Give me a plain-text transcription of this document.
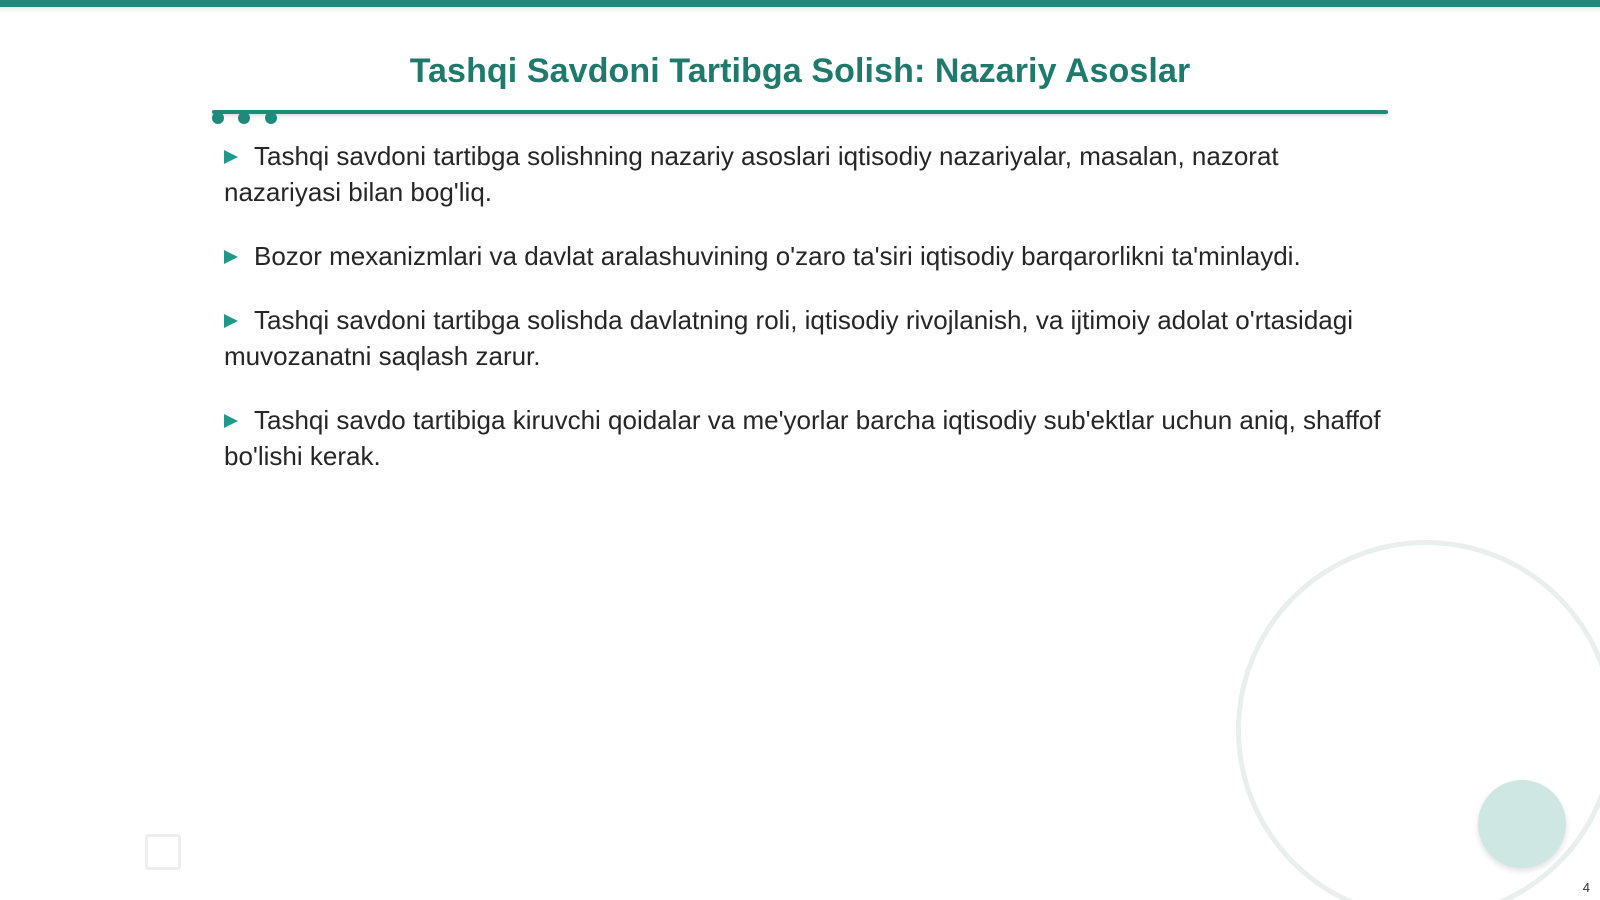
Tashqi Savdoni Tartibga Solish: Nazariy Asoslar
Tashqi savdoni tartibga solishning nazariy asoslari iqtisodiy nazariyalar, masalan, nazorat nazariyasi bilan bog'liq.
Bozor mexanizmlari va davlat aralashuvining o'zaro ta'siri iqtisodiy barqarorlikni ta'minlaydi.
Tashqi savdoni tartibga solishda davlatning roli, iqtisodiy rivojlanish, va ijtimoiy adolat o'rtasidagi muvozanatni saqlash zarur.
Tashqi savdo tartibiga kiruvchi qoidalar va me'yorlar barcha iqtisodiy sub'ektlar uchun aniq, shaffof bo'lishi kerak.
4
